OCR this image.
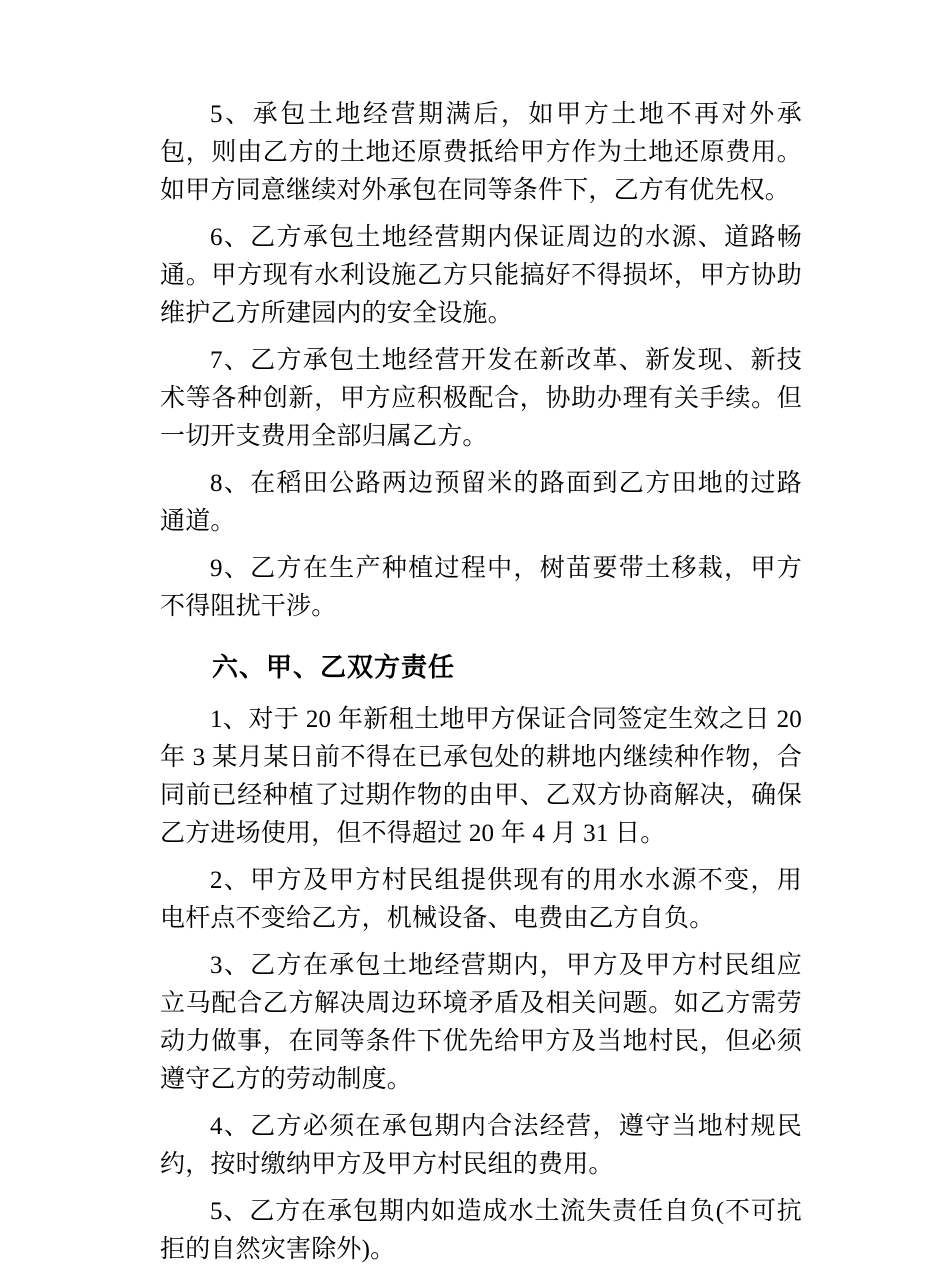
5、承包土地经营期满后，如甲方土地不再对外承包，则由乙方的土地还原费抵给甲方作为土地还原费用。如甲方同意继续对外承包在同等条件下，乙方有优先权。

6、乙方承包土地经营期内保证周边的水源、道路畅通。甲方现有水利设施乙方只能搞好不得损坏，甲方协助维护乙方所建园内的安全设施。

7、乙方承包土地经营开发在新改革、新发现、新技术等各种创新，甲方应积极配合，协助办理有关手续。但一切开支费用全部归属乙方。

8、在稻田公路两边预留米的路面到乙方田地的过路通道。

9、乙方在生产种植过程中，树苗要带土移栽，甲方不得阻扰干涉。

六、甲、乙双方责任

1、对于 20 年新租土地甲方保证合同签定生效之日 20 年 3 某月某日前不得在已承包处的耕地内继续种作物，合同前已经种植了过期作物的由甲、乙双方协商解决，确保乙方进场使用，但不得超过 20 年 4 月 31 日。

2、甲方及甲方村民组提供现有的用水水源不变，用电杆点不变给乙方，机械设备、电费由乙方自负。

3、乙方在承包土地经营期内，甲方及甲方村民组应立马配合乙方解决周边环境矛盾及相关问题。如乙方需劳动力做事，在同等条件下优先给甲方及当地村民，但必须遵守乙方的劳动制度。

4、乙方必须在承包期内合法经营，遵守当地村规民约，按时缴纳甲方及甲方村民组的费用。

5、乙方在承包期内如造成水土流失责任自负(不可抗拒的自然灾害除外)。
